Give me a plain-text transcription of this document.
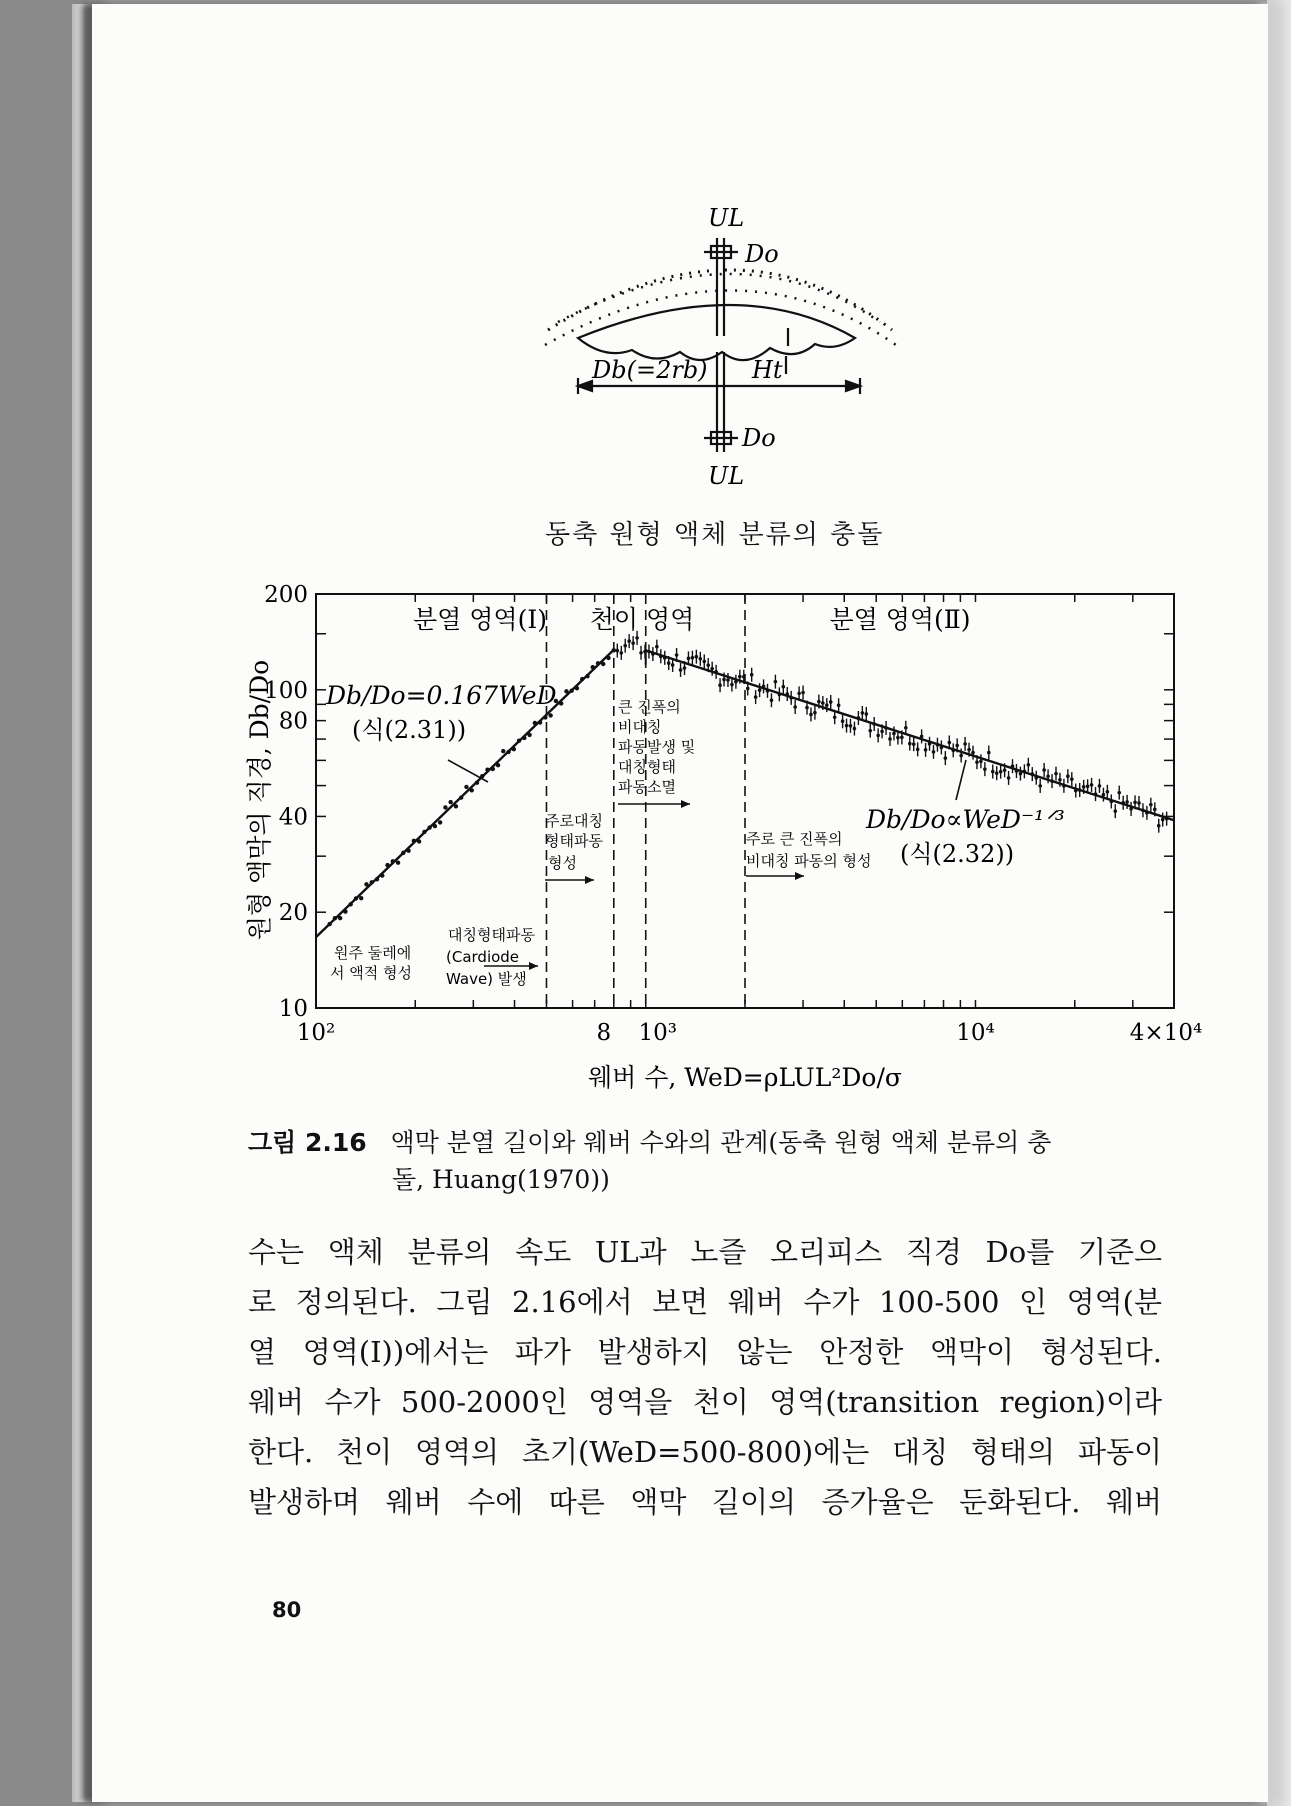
UL
Do
Db(=2rb) Ht
Do
UL
10²	8 10³	10⁴	4×10⁴
200
100
80
40
20
10
분열 영역(Ⅰ) 천이 영역	분열 영역(Ⅱ)
Db/Do=0.167WeD
(식(2.31))
Db/Do∝WeD⁻¹ᐟ³
(식(2.32))
원주 둘레에
서 액적 형성
대칭형태파동
(Cardiode
Wave) 발생
주로대칭
형태파동
형성
큰 진폭의
비대칭
파동발생 및
대칭형태
파동소멸
주로 큰 진폭의
비대칭 파동의 형성
웨버 수, WeD=ρLUL²Do/σ
원형 액막의 직경, Db/Do
동축 원형 액체 분류의 충돌
그림 2.16 액막 분열 길이와 웨버 수와의 관계(동축 원형 액체 분류의 충
돌, Huang(1970))
수는 액체 분류의 속도 UL과 노즐 오리피스 직경 Do를 기준으
로 정의된다. 그림 2.16에서 보면 웨버 수가 100-500 인 영역(분
열 영역(I))에서는 파가 발생하지 않는 안정한 액막이 형성된다.
웨버 수가 500-2000인 영역을 천이 영역(transition region)이라
한다. 천이 영역의 초기(WeD=500-800)에는 대칭 형태의 파동이
발생하며 웨버 수에 따른 액막 길이의 증가율은 둔화된다. 웨버
80
